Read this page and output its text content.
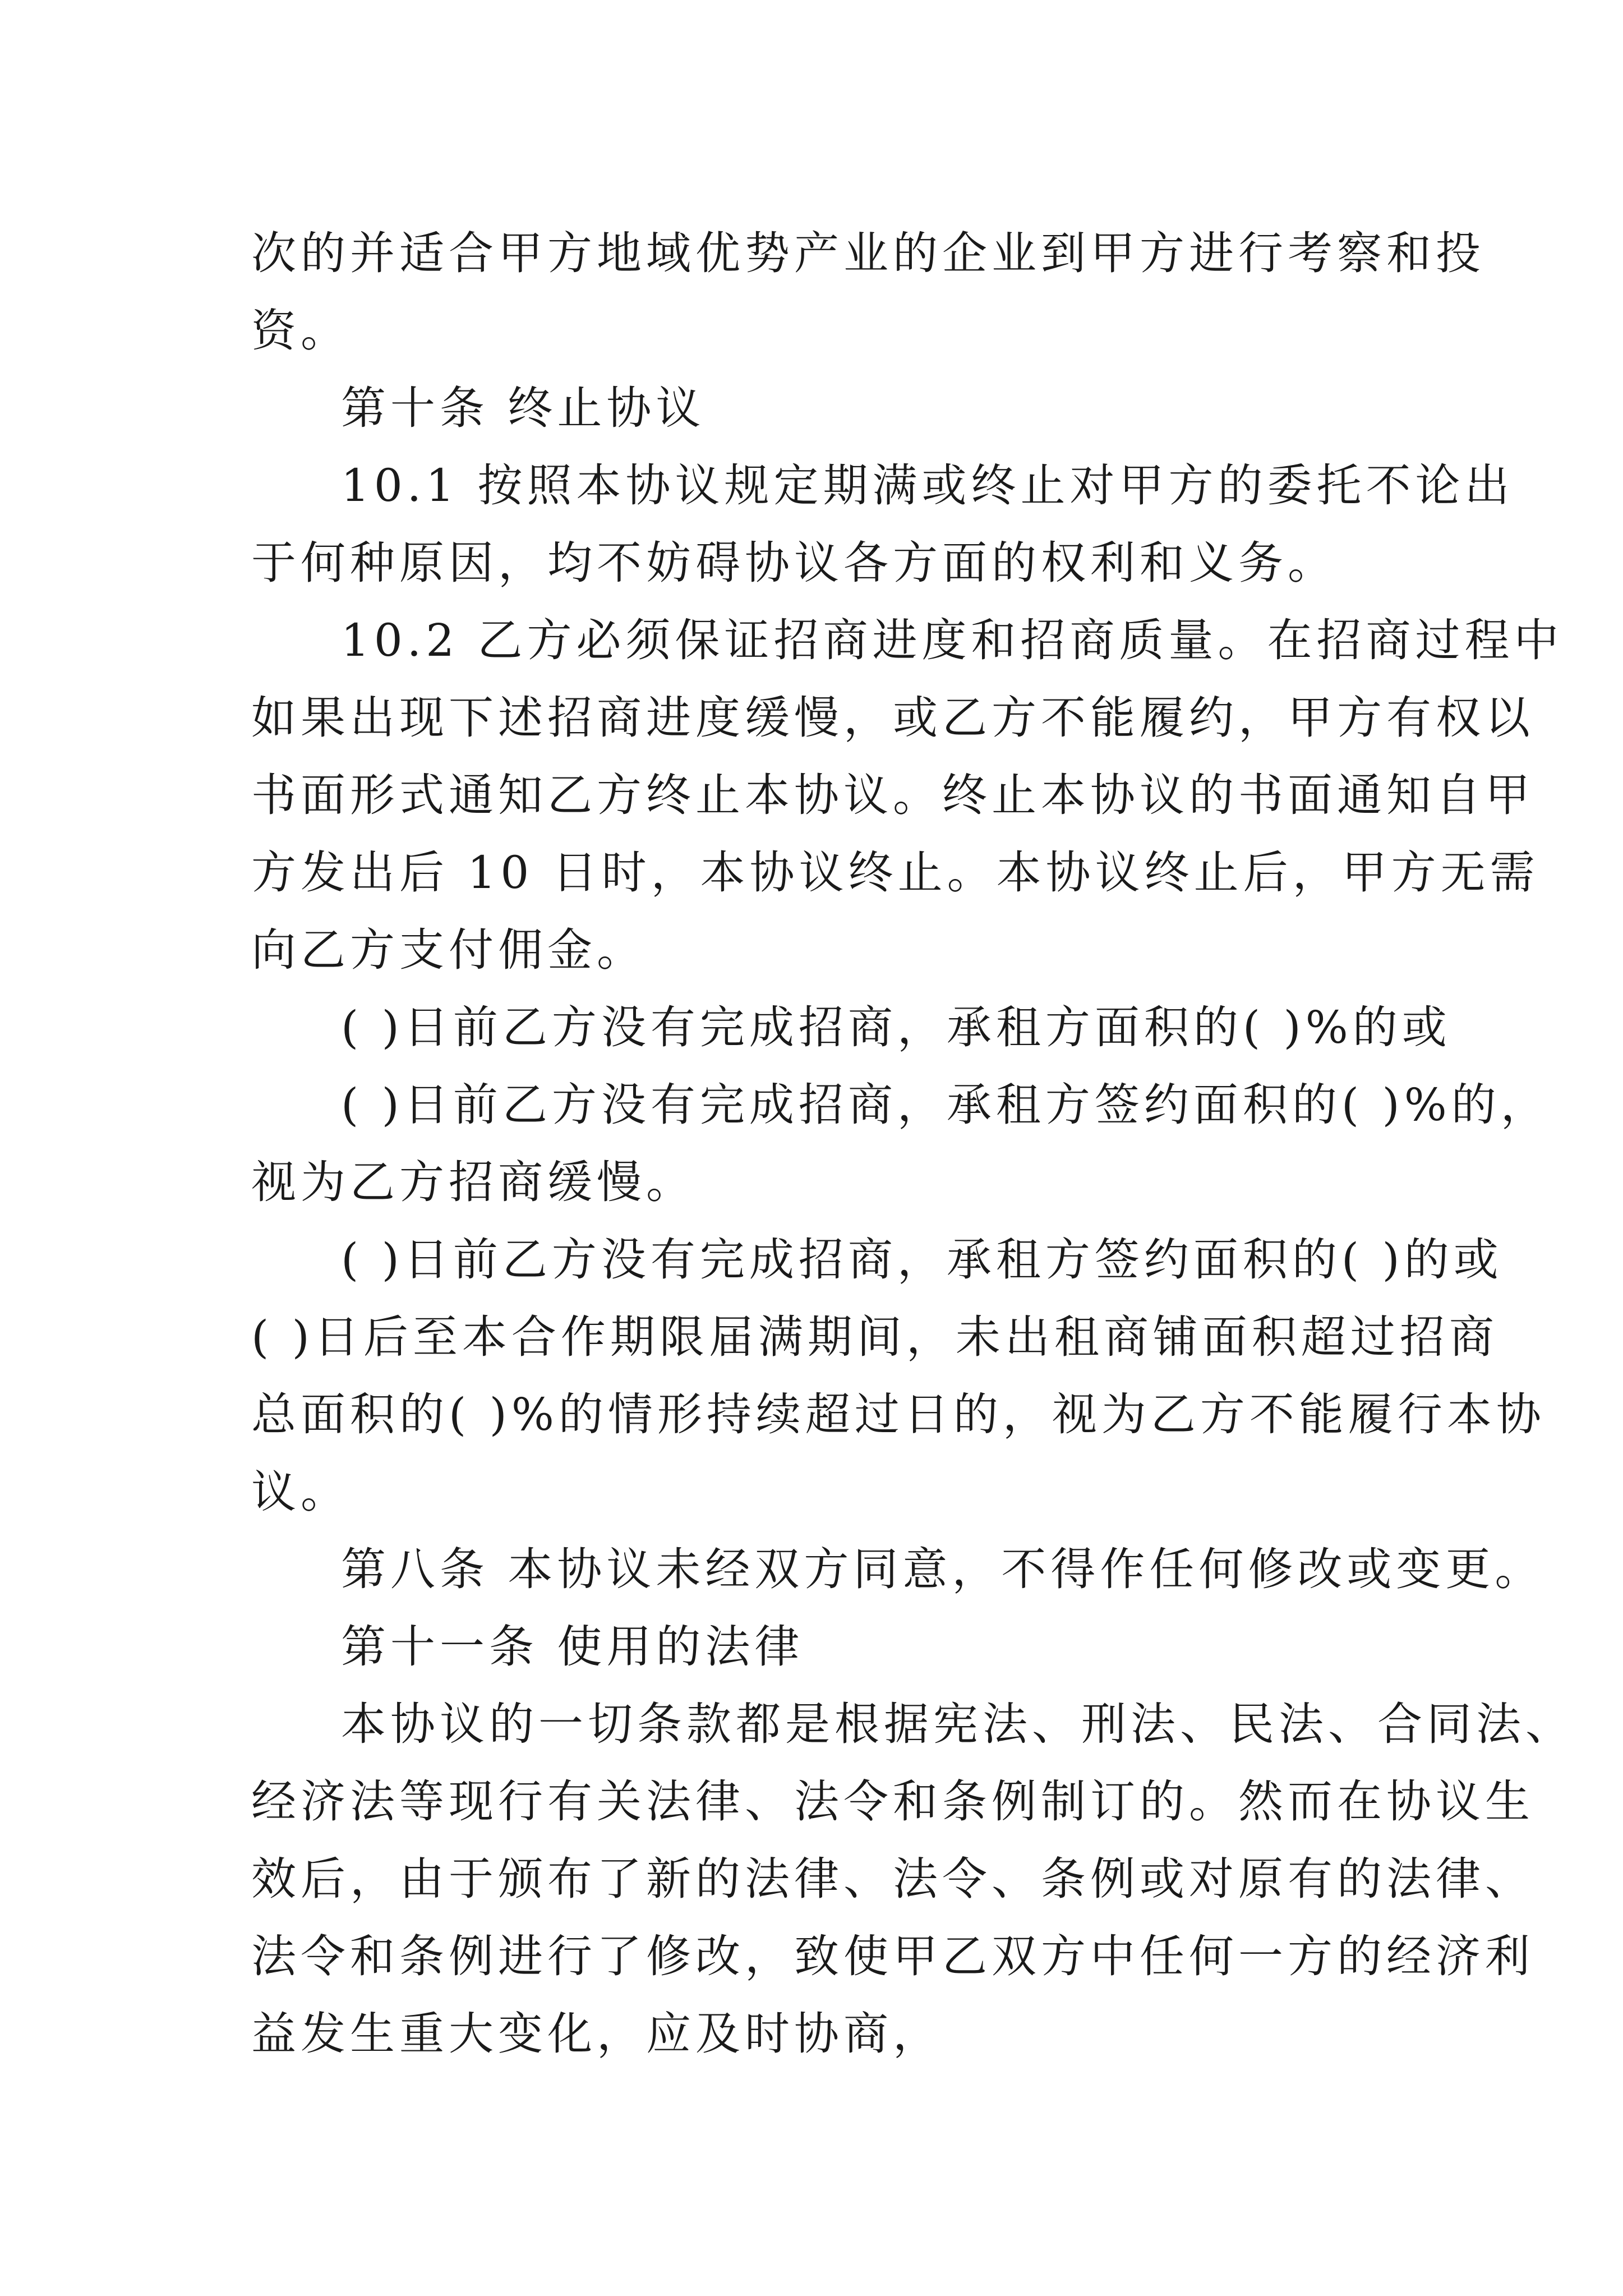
次的并适合甲方地域优势产业的企业到甲方进行考察和投
资。
第十条 终止协议
10.1 按照本协议规定期满或终止对甲方的委托不论出
于何种原因，均不妨碍协议各方面的权利和义务。
10.2 乙方必须保证招商进度和招商质量。在招商过程中
如果出现下述招商进度缓慢，或乙方不能履约，甲方有权以
书面形式通知乙方终止本协议。终止本协议的书面通知自甲
方发出后 10 日时，本协议终止。本协议终止后，甲方无需
向乙方支付佣金。
( )日前乙方没有完成招商，承租方面积的( )%的或
( )日前乙方没有完成招商，承租方签约面积的( )%的，
视为乙方招商缓慢。
( )日前乙方没有完成招商，承租方签约面积的( )的或
( )日后至本合作期限届满期间，未出租商铺面积超过招商
总面积的( )%的情形持续超过日的，视为乙方不能履行本协
议。
第八条 本协议未经双方同意，不得作任何修改或变更。
第十一条 使用的法律
本协议的一切条款都是根据宪法、刑法、民法、合同法、
经济法等现行有关法律、法令和条例制订的。然而在协议生
效后，由于颁布了新的法律、法令、条例或对原有的法律、
法令和条例进行了修改，致使甲乙双方中任何一方的经济利
益发生重大变化，应及时协商，
